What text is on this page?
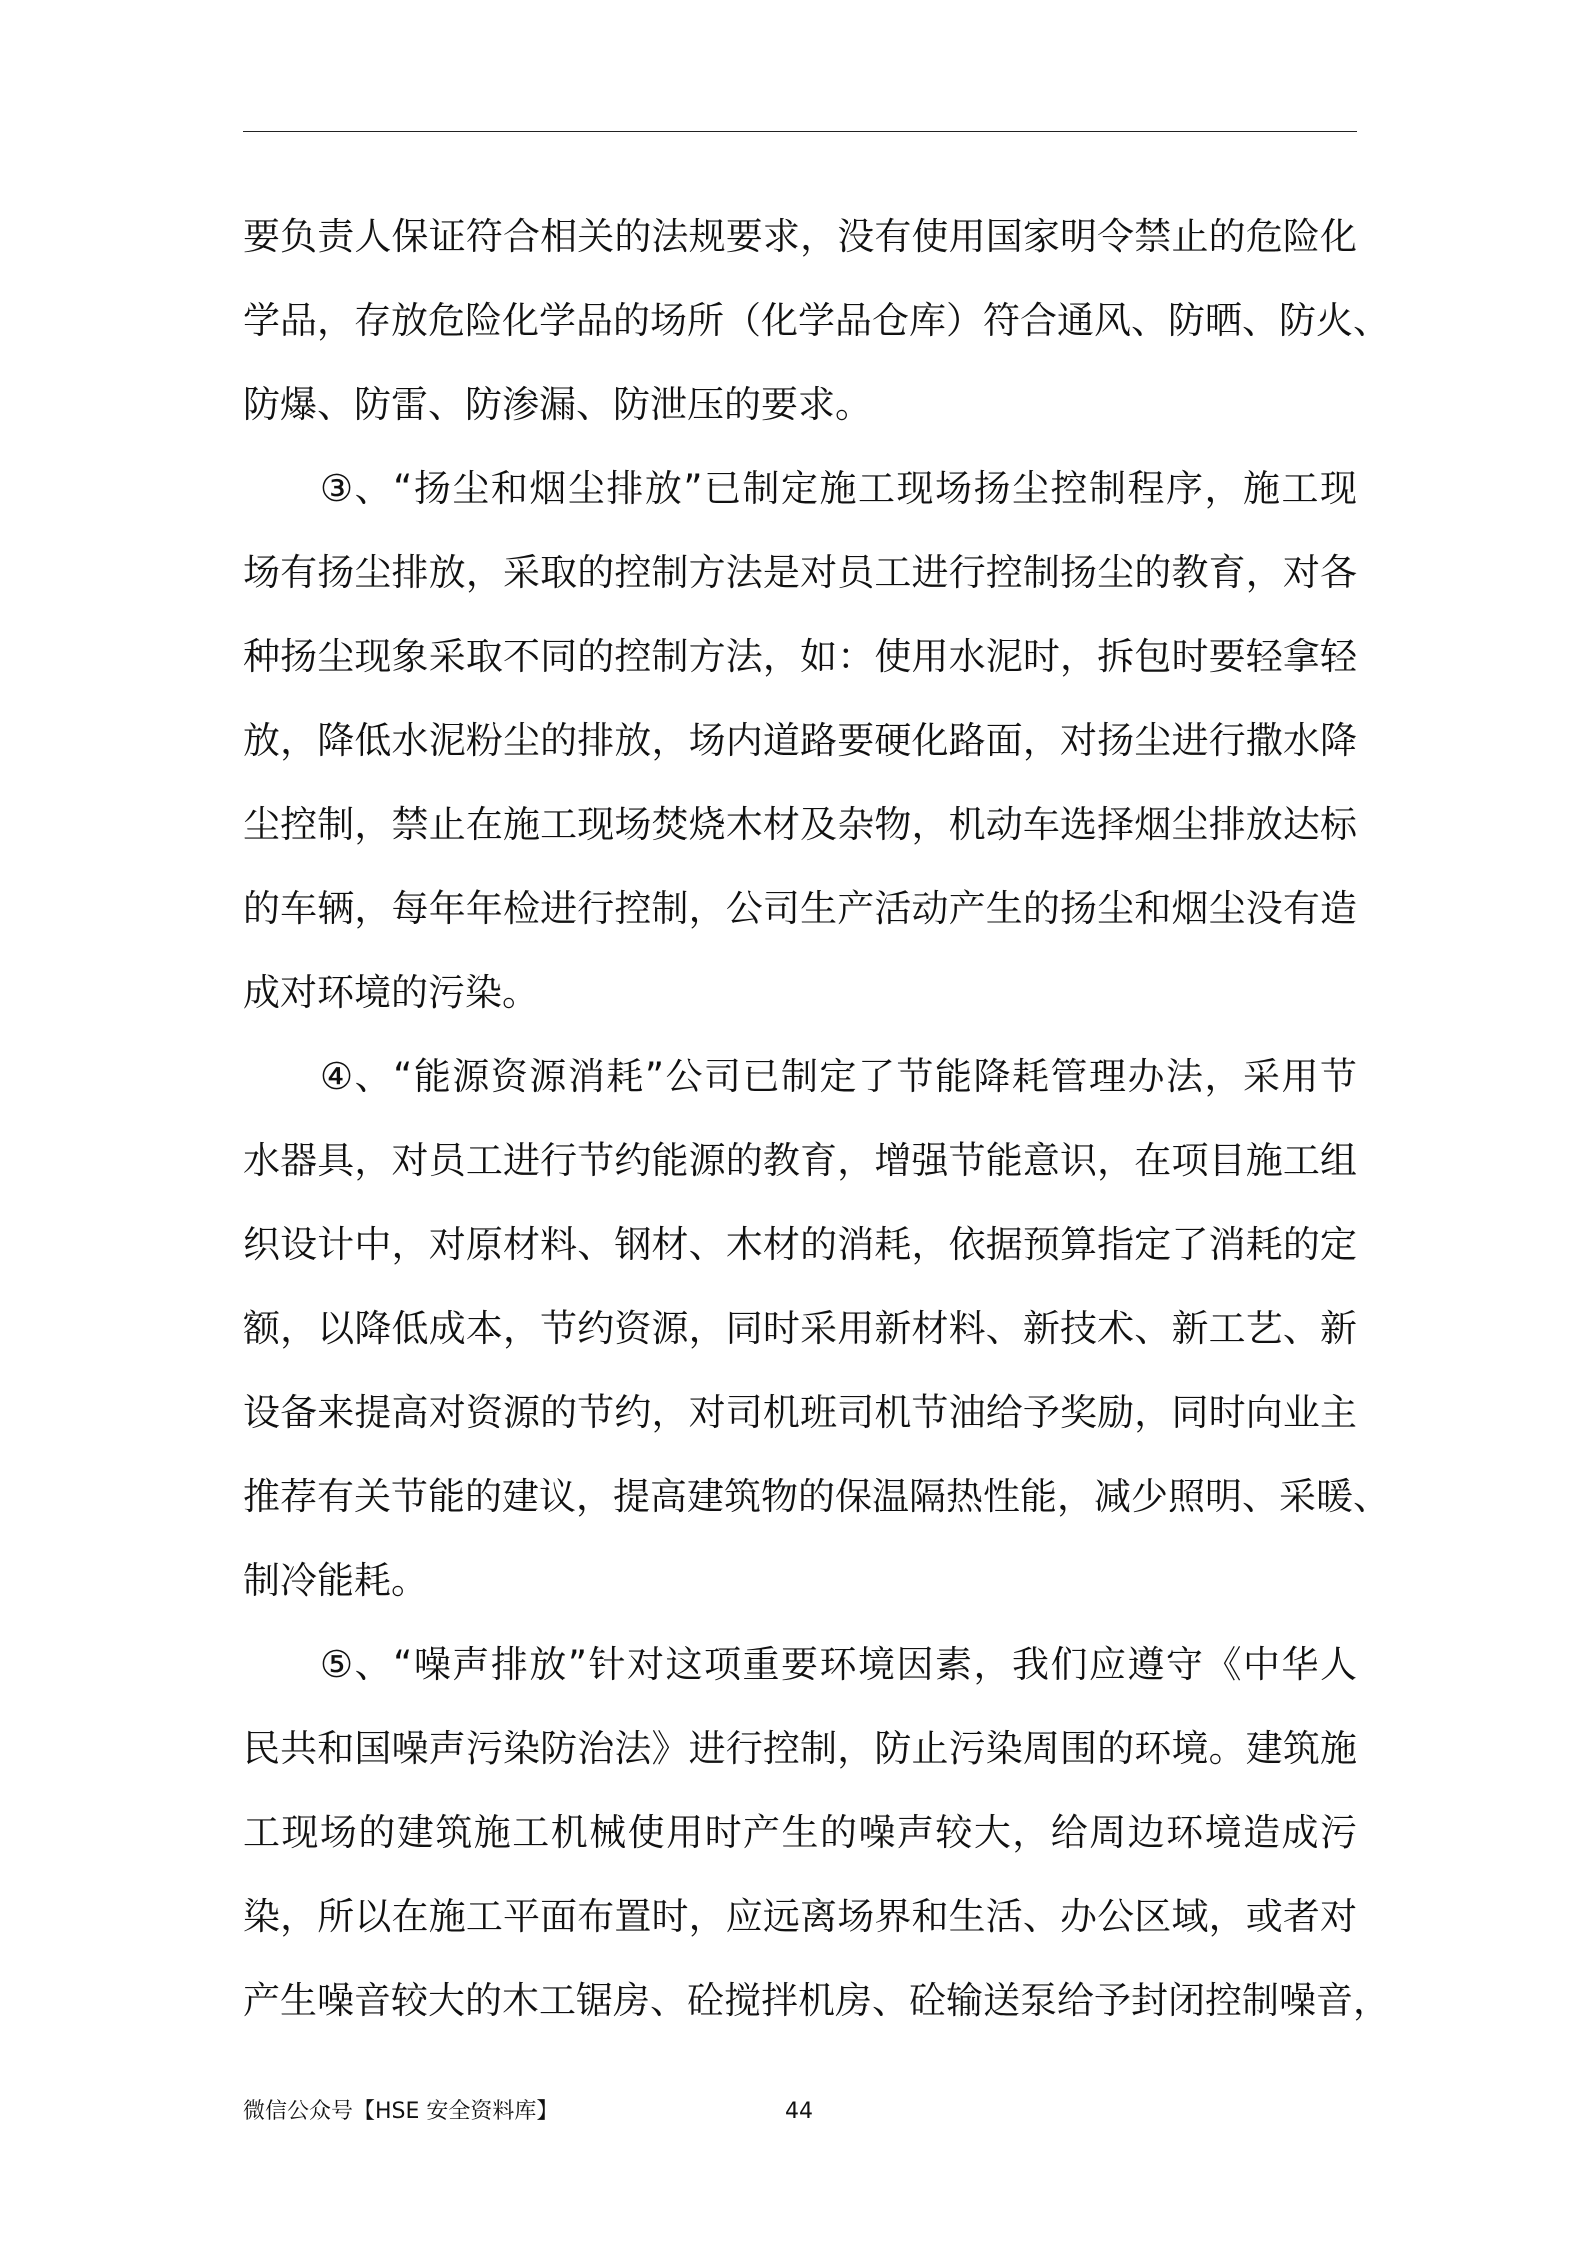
要负责人保证符合相关的法规要求，没有使用国家明令禁止的危险化
学品，存放危险化学品的场所（化学品仓库）符合通风、防晒、防火、
防爆、防雷、防渗漏、防泄压的要求。
　　③、“扬尘和烟尘排放”已制定施工现场扬尘控制程序，施工现
场有扬尘排放，采取的控制方法是对员工进行控制扬尘的教育，对各
种扬尘现象采取不同的控制方法，如：使用水泥时，拆包时要轻拿轻
放，降低水泥粉尘的排放，场内道路要硬化路面，对扬尘进行撒水降
尘控制，禁止在施工现场焚烧木材及杂物，机动车选择烟尘排放达标
的车辆，每年年检进行控制，公司生产活动产生的扬尘和烟尘没有造
成对环境的污染。
　　④、“能源资源消耗”公司已制定了节能降耗管理办法，采用节
水器具，对员工进行节约能源的教育，增强节能意识，在项目施工组
织设计中，对原材料、钢材、木材的消耗，依据预算指定了消耗的定
额，以降低成本，节约资源，同时采用新材料、新技术、新工艺、新
设备来提高对资源的节约，对司机班司机节油给予奖励，同时向业主
推荐有关节能的建议，提高建筑物的保温隔热性能，减少照明、采暖、
制冷能耗。
　　⑤、“噪声排放”针对这项重要环境因素，我们应遵守《中华人
民共和国噪声污染防治法》进行控制，防止污染周围的环境。建筑施
工现场的建筑施工机械使用时产生的噪声较大，给周边环境造成污
染，所以在施工平面布置时，应远离场界和生活、办公区域，或者对
产生噪音较大的木工锯房、砼搅拌机房、砼输送泵给予封闭控制噪音，
微信公众号【HSE 安全资料库】	44
